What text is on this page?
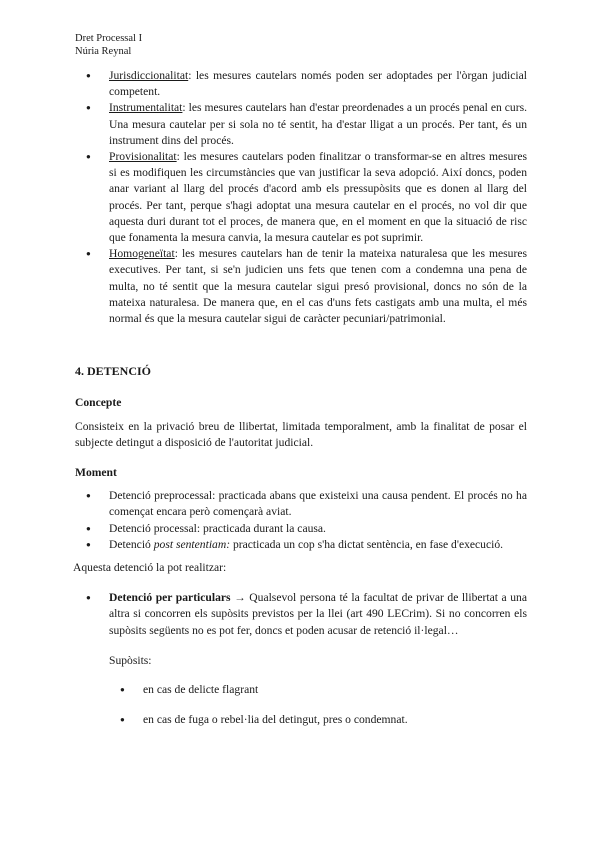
Dret Processal I
Núria Reynal
● Jurisdiccionalitat: les mesures cautelars només poden ser adoptades per l'òrgan judicial competent.
● Instrumentalitat: les mesures cautelars han d'estar preordenades a un procés penal en curs. Una mesura cautelar per si sola no té sentit, ha d'estar lligat a un procés. Per tant, és un instrument dins del procés.
● Provisionalitat: les mesures cautelars poden finalitzar o transformar-se en altres mesures si es modifiquen les circumstàncies que van justificar la seva adopció. Així doncs, poden anar variant al llarg del procés d'acord amb els pressupòsits que es donen al llarg del procés. Per tant, perque s'hagi adoptat una mesura cautelar en el procés, no vol dir que aquesta duri durant tot el proces, de manera que, en el moment en que la situació de risc que fonamenta la mesura canvia, la mesura cautelar es pot suprimir.
● Homogeneïtat: les mesures cautelars han de tenir la mateixa naturalesa que les mesures executives. Per tant, si se'n judicien uns fets que tenen com a condemna una pena de multa, no té sentit que la mesura cautelar sigui presó provisional, doncs no són de la mateixa naturalesa. De manera que, en el cas d'uns fets castigats amb una multa, el més normal és que la mesura cautelar sigui de caràcter pecuniari/patrimonial.
4. DETENCIÓ
Concepte

Consisteix en la privació breu de llibertat, limitada temporalment, amb la finalitat de posar el subjecte detingut a disposició de l'autoritat judicial.

Moment
● Detenció preprocessal: practicada abans que existeixi una causa pendent. El procés no ha començat encara però començarà aviat.
● Detenció processal: practicada durant la causa.
● Detenció post sententiam: practicada un cop s'ha dictat sentència, en fase d'execució.

Aquesta detenció la pot realitzar:

● Detenció per particulars → Qualsevol persona té la facultat de privar de llibertat a una altra si concorren els supòsits previstos per la llei (art 490 LECrim). Si no concorren els supòsits següents no es pot fer, doncs et poden acusar de retenció il·legal…

Supòsits:

● en cas de delicte flagrant
● en cas de fuga o rebel·lia del detingut, pres o condemnat.
